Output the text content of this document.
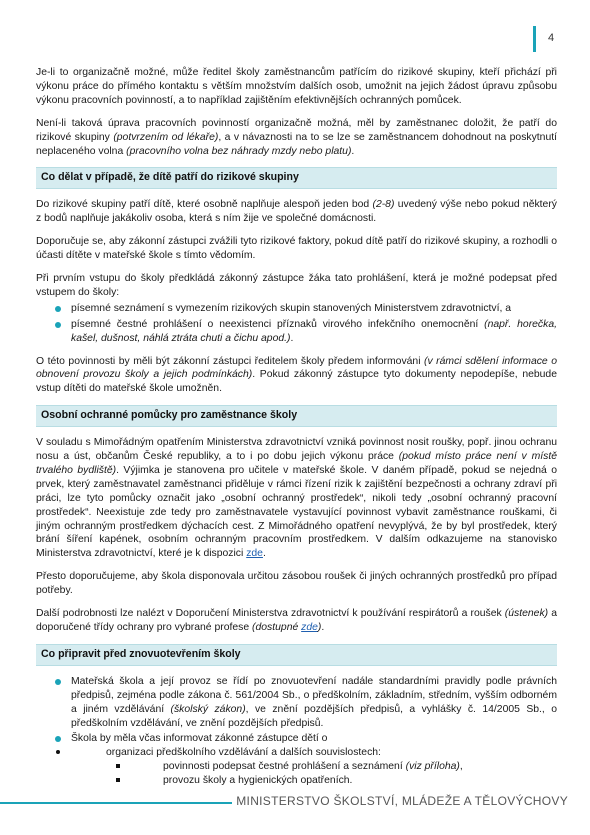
4

Je-li to organizačně možné, může ředitel školy zaměstnancům patřícím do rizikové skupiny, kteří přichází při výkonu práce do přímého kontaktu s větším množstvím dalších osob, umožnit na jejich žádost úpravu způsobu výkonu pracovních povinností, a to například zajištěním efektivnějších ochranných pomůcek.

Není-li taková úprava pracovních povinností organizačně možná, měl by zaměstnanec doložit, že patří do rizikové skupiny (potvrzením od lékaře), a v návaznosti na to se lze se zaměstnancem dohodnout na poskytnutí neplaceného volna (pracovního volna bez náhrady mzdy nebo platu).

Co dělat v případě, že dítě patří do rizikové skupiny

Do rizikové skupiny patří dítě, které osobně naplňuje alespoň jeden bod (2-8) uvedený výše nebo pokud některý z bodů naplňuje jakákoliv osoba, která s ním žije ve společné domácnosti.

Doporučuje se, aby zákonní zástupci zvážili tyto rizikové faktory, pokud dítě patří do rizikové skupiny, a rozhodli o účasti dítěte v mateřské škole s tímto vědomím.

Při prvním vstupu do školy předkládá zákonný zástupce žáka tato prohlášení, která je možné podepsat před vstupem do školy:

písemné seznámení s vymezením rizikových skupin stanovených Ministerstvem zdravotnictví, a
písemné čestné prohlášení o neexistenci příznaků virového infekčního onemocnění (např. horečka, kašel, dušnost, náhlá ztráta chuti a čichu apod.).

O této povinnosti by měli být zákonní zástupci ředitelem školy předem informováni (v rámci sdělení informace o obnovení provozu školy a jejich podmínkách). Pokud zákonný zástupce tyto dokumenty nepodepíše, nebude vstup dítěti do mateřské škole umožněn.

Osobní ochranné pomůcky pro zaměstnance školy

V souladu s Mimořádným opatřením Ministerstva zdravotnictví vzniká povinnost nosit roušky, popř. jinou ochranu nosu a úst, občanům České republiky, a to i po dobu jejich výkonu práce (pokud místo práce není v místě trvalého bydliště). Výjimka je stanovena pro učitele v mateřské škole. V daném případě, pokud se nejedná o prvek, který zaměstnavatel zaměstnanci přiděluje v rámci řízení rizik k zajištění bezpečnosti a ochrany zdraví při práci, lze tyto pomůcky označit jako „osobní ochranný prostředek“, nikoli tedy „osobní ochranný pracovní prostředek“. Neexistuje zde tedy pro zaměstnavatele vystavující povinnost vybavit zaměstnance rouškami, či jiným ochranným prostředkem dýchacích cest. Z Mimořádného opatření nevyplývá, že by byl prostředek, který brání šíření kapének, osobním ochranným pracovním prostředkem. V dalším odkazujeme na stanovisko Ministerstva zdravotnictví, které je k dispozici zde.

Přesto doporučujeme, aby škola disponovala určitou zásobou roušek či jiných ochranných prostředků pro případ potřeby.

Další podrobnosti lze nalézt v Doporučení Ministerstva zdravotnictví k používání respirátorů a roušek (ústenek) a doporučené třídy ochrany pro vybrané profese (dostupné zde).

Co připravit před znovuotevřením školy
Mateřská škola a její provoz se řídí po znovuotevření nadále standardními pravidly podle právních předpisů, zejména podle zákona č. 561/2004 Sb., o předškolním, základním, středním, vyšším odborném a jiném vzdělávání (školský zákon), ve znění pozdějších předpisů, a vyhlášky č. 14/2005 Sb., o předškolním vzdělávání, ve znění pozdějších předpisů.
Škola by měla včas informovat zákonné zástupce dětí o
organizaci předškolního vzdělávání a dalších souvislostech:
povinnosti podepsat čestné prohlášení a seznámení (viz příloha),
provozu školy a hygienických opatřeních.
MINISTERSTVO ŠKOLSTVÍ, MLÁDEŽE A TĚLOVÝCHOVY
